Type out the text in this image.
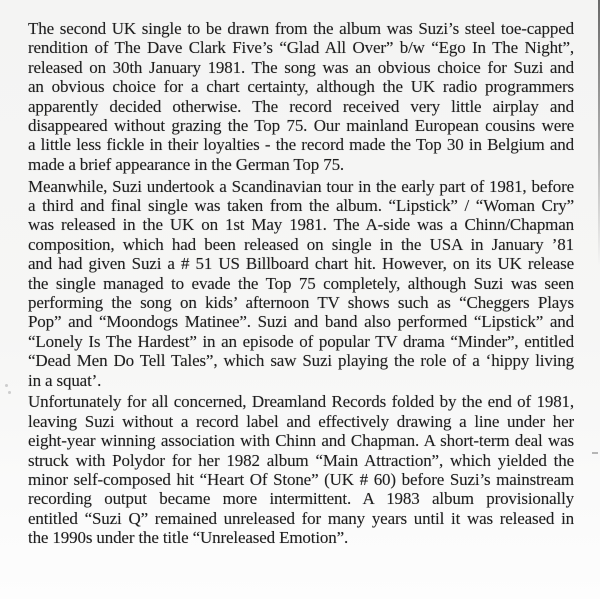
The second UK single to be drawn from the album was Suzi’s steel toe-capped
rendition of The Dave Clark Five’s “Glad All Over” b/w “Ego In The Night”,
released on 30th January 1981. The song was an obvious choice for Suzi and
an obvious choice for a chart certainty, although the UK radio programmers
apparently decided otherwise. The record received very little airplay and
disappeared without grazing the Top 75. Our mainland European cousins were
a little less fickle in their loyalties - the record made the Top 30 in Belgium and
made a brief appearance in the German Top 75.

Meanwhile, Suzi undertook a Scandinavian tour in the early part of 1981, before
a third and final single was taken from the album. “Lipstick” / “Woman Cry”
was released in the UK on 1st May 1981. The A-side was a Chinn/Chapman
composition, which had been released on single in the USA in January ’81
and had given Suzi a # 51 US Billboard chart hit. However, on its UK release
the single managed to evade the Top 75 completely, although Suzi was seen
performing the song on kids’ afternoon TV shows such as “Cheggers Plays
Pop” and “Moondogs Matinee”. Suzi and band also performed “Lipstick” and
“Lonely Is The Hardest” in an episode of popular TV drama “Minder”, entitled
“Dead Men Do Tell Tales”, which saw Suzi playing the role of a ‘hippy living
in a squat’.

Unfortunately for all concerned, Dreamland Records folded by the end of 1981,
leaving Suzi without a record label and effectively drawing a line under her
eight-year winning association with Chinn and Chapman. A short-term deal was
struck with Polydor for her 1982 album “Main Attraction”, which yielded the
minor self-composed hit “Heart Of Stone” (UK # 60) before Suzi’s mainstream
recording output became more intermittent. A 1983 album provisionally
entitled “Suzi Q” remained unreleased for many years until it was released in
the 1990s under the title “Unreleased Emotion”.
